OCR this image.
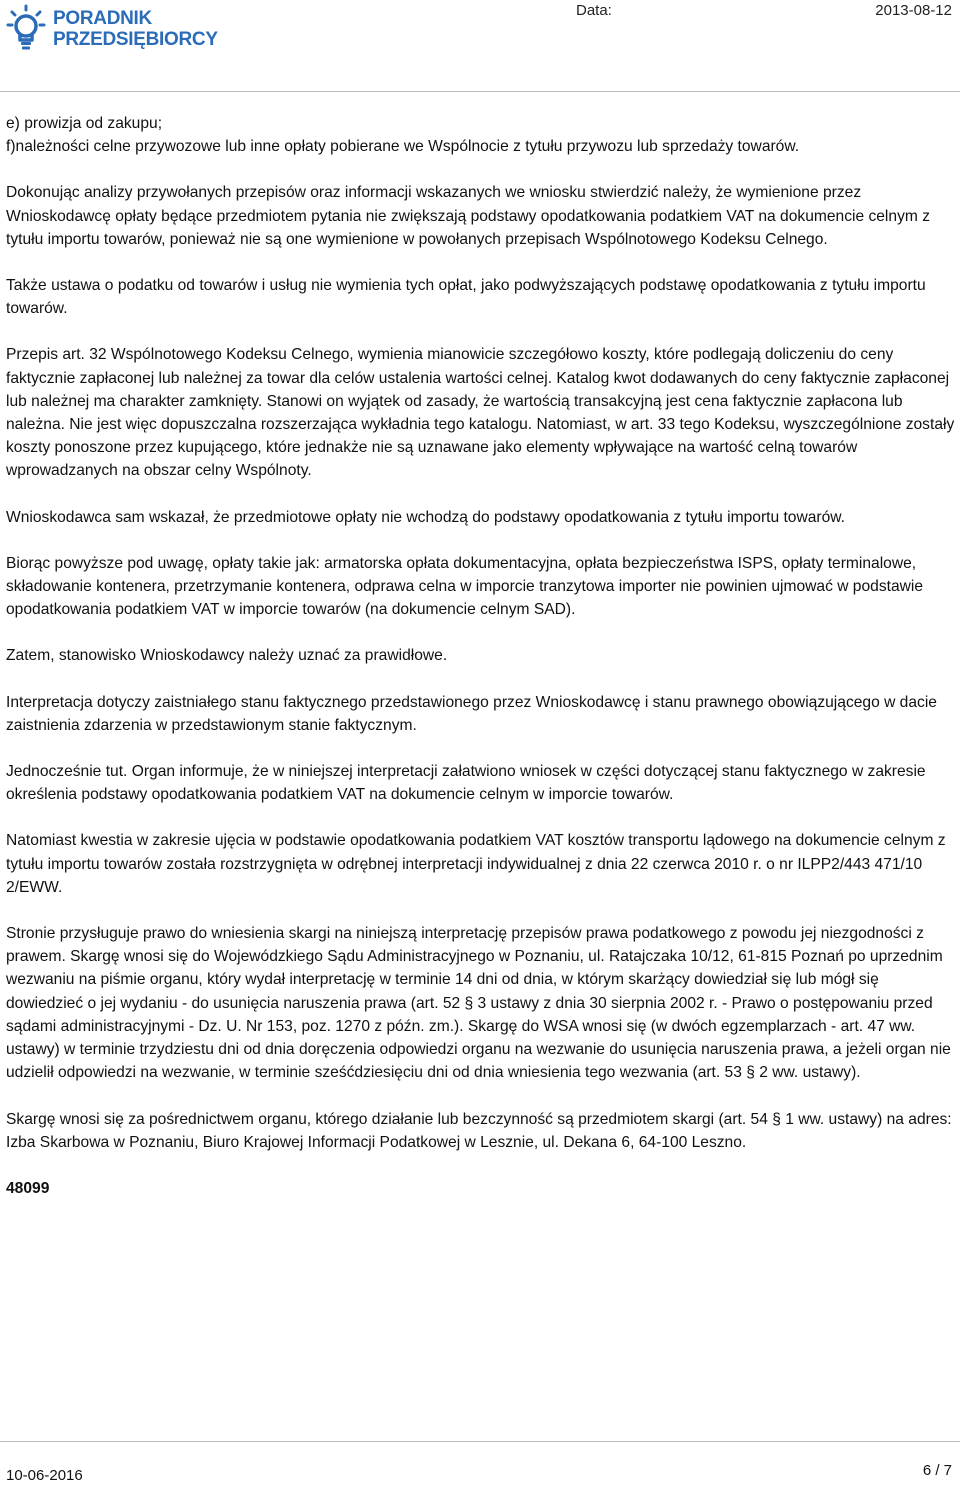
PORADNIK
PRZEDSIĘBIORCY
Data:	2013-08-12

e) prowizja od zakupu;
f)należności celne przywozowe lub inne opłaty pobierane we Wspólnocie z tytułu przywozu lub sprzedaży towarów.

Dokonując analizy przywołanych przepisów oraz informacji wskazanych we wniosku stwierdzić należy, że wymienione przez Wnioskodawcę opłaty będące przedmiotem pytania nie zwiększają podstawy opodatkowania podatkiem VAT na dokumencie celnym z tytułu importu towarów, ponieważ nie są one wymienione w powołanych przepisach Wspólnotowego Kodeksu Celnego.

Także ustawa o podatku od towarów i usług nie wymienia tych opłat, jako podwyższających podstawę opodatkowania z tytułu importu towarów.

Przepis art. 32 Wspólnotowego Kodeksu Celnego, wymienia mianowicie szczegółowo koszty, które podlegają doliczeniu do ceny faktycznie zapłaconej lub należnej za towar dla celów ustalenia wartości celnej. Katalog kwot dodawanych do ceny faktycznie zapłaconej lub należnej ma charakter zamknięty. Stanowi on wyjątek od zasady, że wartością transakcyjną jest cena faktycznie zapłacona lub należna. Nie jest więc dopuszczalna rozszerzająca wykładnia tego katalogu. Natomiast, w art. 33 tego Kodeksu, wyszczególnione zostały koszty ponoszone przez kupującego, które jednakże nie są uznawane jako elementy wpływające na wartość celną towarów wprowadzanych na obszar celny Wspólnoty.

Wnioskodawca sam wskazał, że przedmiotowe opłaty nie wchodzą do podstawy opodatkowania z tytułu importu towarów.

Biorąc powyższe pod uwagę, opłaty takie jak: armatorska opłata dokumentacyjna, opłata bezpieczeństwa ISPS, opłaty terminalowe, składowanie kontenera, przetrzymanie kontenera, odprawa celna w imporcie tranzytowa importer nie powinien ujmować w podstawie opodatkowania podatkiem VAT w imporcie towarów (na dokumencie celnym SAD).

Zatem, stanowisko Wnioskodawcy należy uznać za prawidłowe.

Interpretacja dotyczy zaistniałego stanu faktycznego przedstawionego przez Wnioskodawcę i stanu prawnego obowiązującego w dacie zaistnienia zdarzenia w przedstawionym stanie faktycznym.

Jednocześnie tut. Organ informuje, że w niniejszej interpretacji załatwiono wniosek w części dotyczącej stanu faktycznego w zakresie określenia podstawy opodatkowania podatkiem VAT na dokumencie celnym w imporcie towarów.

Natomiast kwestia w zakresie ujęcia w podstawie opodatkowania podatkiem VAT kosztów transportu lądowego na dokumencie celnym z tytułu importu towarów została rozstrzygnięta w odrębnej interpretacji indywidualnej z dnia 22 czerwca 2010 r. o nr ILPP2/443 471/10 2/EWW.

Stronie przysługuje prawo do wniesienia skargi na niniejszą interpretację przepisów prawa podatkowego z powodu jej niezgodności z prawem. Skargę wnosi się do Wojewódzkiego Sądu Administracyjnego w Poznaniu, ul. Ratajczaka 10/12, 61-815 Poznań po uprzednim wezwaniu na piśmie organu, który wydał interpretację w terminie 14 dni od dnia, w którym skarżący dowiedział się lub mógł się dowiedzieć o jej wydaniu - do usunięcia naruszenia prawa (art. 52 § 3 ustawy z dnia 30 sierpnia 2002 r. - Prawo o postępowaniu przed sądami administracyjnymi - Dz. U. Nr 153, poz. 1270 z późn. zm.). Skargę do WSA wnosi się (w dwóch egzemplarzach - art. 47 ww. ustawy) w terminie trzydziestu dni od dnia doręczenia odpowiedzi organu na wezwanie do usunięcia naruszenia prawa, a jeżeli organ nie udzielił odpowiedzi na wezwanie, w terminie sześćdziesięciu dni od dnia wniesienia tego wezwania (art. 53 § 2 ww. ustawy).

Skargę wnosi się za pośrednictwem organu, którego działanie lub bezczynność są przedmiotem skargi (art. 54 § 1 ww. ustawy) na adres: Izba Skarbowa w Poznaniu, Biuro Krajowej Informacji Podatkowej w Lesznie, ul. Dekana 6, 64-100 Leszno.

48099

10-06-2016	6 / 7
